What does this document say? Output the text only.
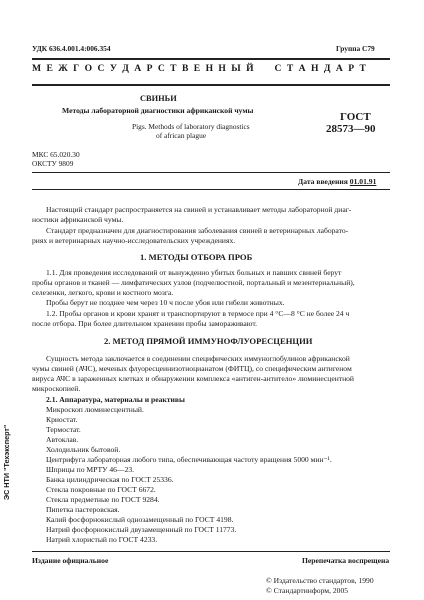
УДК 636.4.001.4:006.354	Группа С79
М Е Ж Г О С У Д А Р С Т В Е Н Н Ы Й     С Т А Н Д А Р Т
СВИНЬИ
Методы лабораторной диагностики африканской чумы
Pigs. Methods of laboratory diagnostics
of african plague
ГОСТ
28573—90
МКС 65.020.30
ОКСТУ 9809
Дата введения 01.01.91
Настоящий стандарт распространяется на свиней и устанавливает методы лабораторной диаг-
ностики африканской чумы.
Стандарт предназначен для диагностирования заболевания свиней в ветеринарных лаборато-
риях и ветеринарных научно-исследовательских учреждениях.
1. МЕТОДЫ ОТБОРА ПРОБ
1.1. Для проведения исследований от вынужденно убитых больных и павших свиней берут
пробы органов и тканей — лимфатических узлов (подчелюстной, портальный и мезентериальный),
селезенки, легкого, крови и костного мозга.
Пробы берут не позднее чем через 10 ч после убоя или гибели животных.
1.2. Пробы органов и крови хранят и транспортируют в термосе при 4 °С—8 °С не более 24 ч
после отбора. При более длительном хранении пробы замораживают.
2. МЕТОД ПРЯМОЙ ИММУНОФЛУОРЕСЦЕНЦИИ
Сущность метода заключается в соединении специфических иммуноглобулинов африканской
чумы свиней (АЧС), меченых флуоресцеинизотиоцианатом (ФИТЦ), со специфическим антигеном
вируса АЧС в зараженных клетках и обнаружении комплекса «антиген-антитело» люминесцентной
микроскопией.
2.1. Аппаратура, материалы и реактивы
Микроскоп люминесцентный.
Криостат.
Термостат.
Автоклав.
Холодильник бытовой.
Центрифуга лабораторная любого типа, обеспечивающая частоту вращения 5000 мин⁻¹.
Шприцы по МРТУ 46—23.
Банка цилиндрическая по ГОСТ 25336.
Стекла покровные по ГОСТ 6672.
Стекла предметные по ГОСТ 9284.
Пипетка пастеровская.
Калий фосфорнокислый однозамещенный по ГОСТ 4198.
Натрий фосфорнокислый двузамещенный по ГОСТ 11773.
Натрий хлористый по ГОСТ 4233.
Издание официальное	Перепечатка воспрещена
© Издательство стандартов, 1990
© Стандартинформ, 2005
ЭС НТИ "Техэксперт"
